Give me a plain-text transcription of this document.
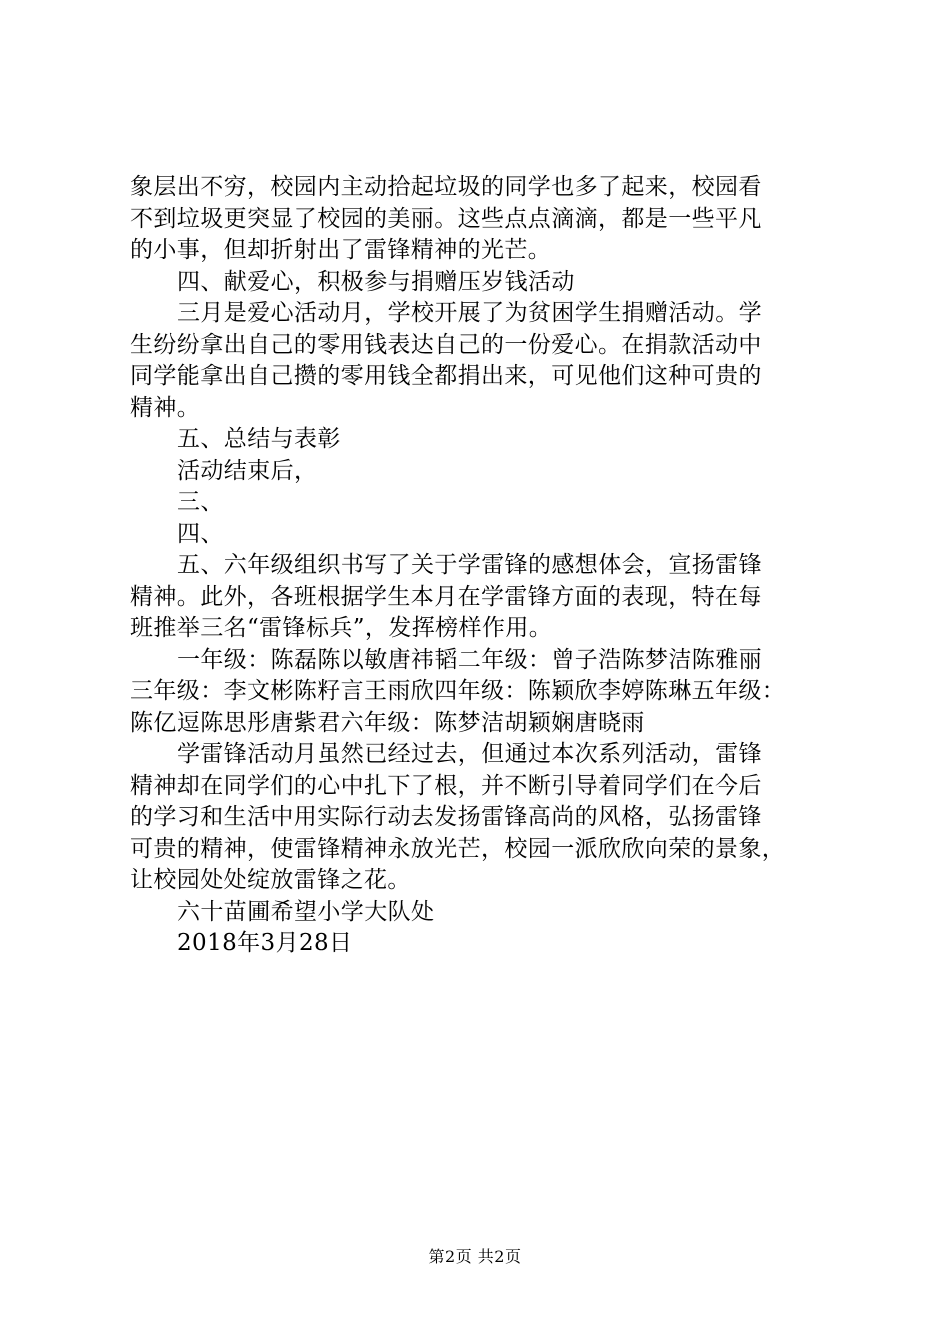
象层出不穷，校园内主动拾起垃圾的同学也多了起来，校园看
不到垃圾更突显了校园的美丽。这些点点滴滴，都是一些平凡
的小事，但却折射出了雷锋精神的光芒。
四、献爱心，积极参与捐赠压岁钱活动
三月是爱心活动月，学校开展了为贫困学生捐赠活动。学
生纷纷拿出自己的零用钱表达自己的一份爱心。在捐款活动中
同学能拿出自己攒的零用钱全都捐出来，可见他们这种可贵的
精神。
五、总结与表彰
活动结束后，
三、
四、
五、六年级组织书写了关于学雷锋的感想体会，宣扬雷锋
精神。此外，各班根据学生本月在学雷锋方面的表现，特在每
班推举三名“雷锋标兵”，发挥榜样作用。
一年级：陈磊陈以敏唐祎韬二年级：曾子浩陈梦洁陈雅丽
三年级：李文彬陈籽言王雨欣四年级：陈颖欣李婷陈琳五年级：
陈亿逗陈思彤唐紫君六年级：陈梦洁胡颖娴唐晓雨
学雷锋活动月虽然已经过去，但通过本次系列活动，雷锋
精神却在同学们的心中扎下了根，并不断引导着同学们在今后
的学习和生活中用实际行动去发扬雷锋高尚的风格，弘扬雷锋
可贵的精神，使雷锋精神永放光芒，校园一派欣欣向荣的景象，
让校园处处绽放雷锋之花。
六十苗圃希望小学大队处
2018年3月28日
第2页 共2页
